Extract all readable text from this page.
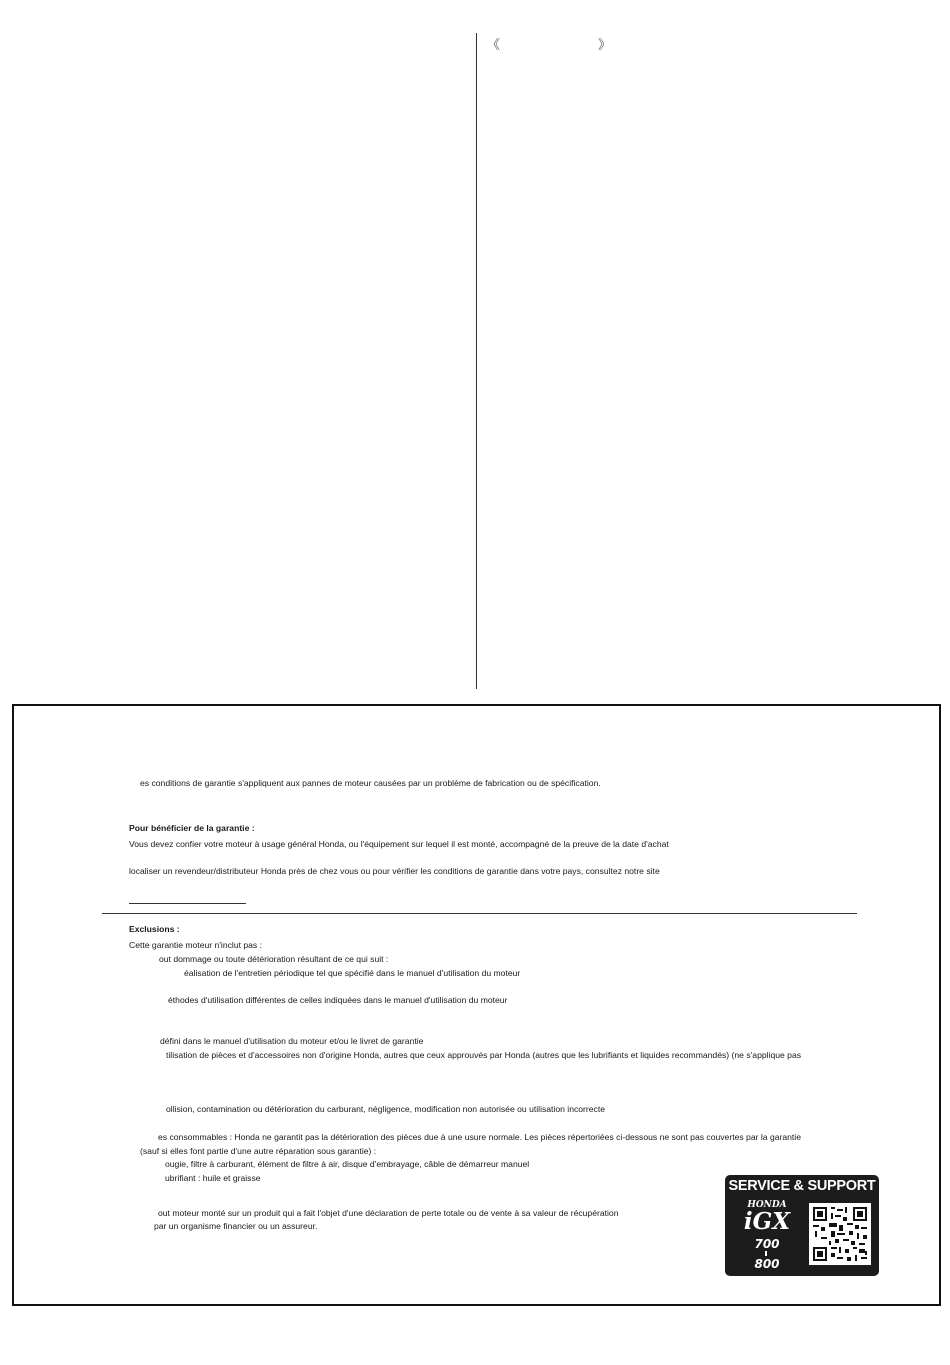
《	》
es conditions de garantie s'appliquent aux pannes de moteur causées par un problème de fabrication ou de spécification.
Pour bénéficier de la garantie :
Vous devez confier votre moteur à usage général Honda, ou l'équipement sur lequel il est monté, accompagné de la preuve de la date d'achat
localiser un revendeur/distributeur Honda près de chez vous ou pour vérifier les conditions de garantie dans votre pays, consultez notre site
Exclusions :
Cette garantie moteur n'inclut pas :
out dommage ou toute détérioration résultant de ce qui suit :
éalisation de l'entretien périodique tel que spécifié dans le manuel d'utilisation du moteur
éthodes d'utilisation différentes de celles indiquées dans le manuel d'utilisation du moteur
défini dans le manuel d'utilisation du moteur et/ou le livret de garantie
tilisation de pièces et d'accessoires non d'origine Honda, autres que ceux approuvés par Honda (autres que les lubrifiants et liquides recommandés) (ne s'applique pas
ollision, contamination ou détérioration du carburant, négligence, modification non autorisée ou utilisation incorrecte
es consommables : Honda ne garantit pas la détérioration des pièces due à une usure normale. Les pièces répertoriées ci-dessous ne sont pas couvertes par la garantie
(sauf si elles font partie d'une autre réparation sous garantie) :
ougie, filtre à carburant, élément de filtre à air, disque d'embrayage, câble de démarreur manuel
ubrifiant : huile et graisse
out moteur monté sur un produit qui a fait l'objet d'une déclaration de perte totale ou de vente à sa valeur de récupération
par un organisme financier ou un assureur.
SERVICE & SUPPORT
HONDA
iGX
700
800
